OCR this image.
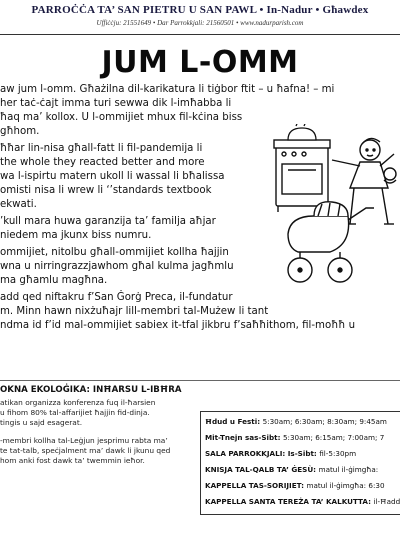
PARROĊĊA TA’ SAN PIETRU U SAN PAWL • In-Nadur • Għawdex
Uffiċċju: 21551649 • Dar Parrokkjali: 21560501 • www.nadurparish.com
JUM L-OMM
aw jum l-omm. Għażilna dil-karikatura li tiġbor ftit – u ħafna! – mi
her taċ-ċajt imma turi sewwa dik l-imħabba li
ħaq ma’ kollox. U l-ommijiet mhux fil-kċina biss
għhom.
ħħar lin-nisa għall-fatt li fil-pandemija li
the whole they reacted better and more
wa l-ispirtu matern ukoll li wassal li bħalissa
omisti nisa li wrew li ‘’standards textbook
ekwati.
’kull mara huwa garanzija ta’ familja aħjar
niedem ma jkunx biss numru.
ommijiet, nitolbu għall-ommijiet kollha ħajjin
wna u nirringrazzjawhom għal kulma jagħmlu
ma għamlu magħna.
add qed niftakru f’San Ġorġ Preca, il-fundatur
m. Minn hawn nixżuħajr lill-membri tal-Mużew li tant
ndma id f’id mal-ommijiet sabiex it-tfal jikbru f’saħħithom, fil-moħħ u
OKNA EKOLOĠIKA: INĦARSU L-IBĦRA
atikan organizza konferenza fuq il-ħarsien
u fihom 80% tal-affarijiet ħajjin fid-dinja.
tingis u sajd esagerat.
-membri kollha tal-Leġjun jesprimu rabta ma’
te tat-talb, speċjalment ma’ dawk li jkunu qed
hom anki fost dawk ta’ twemmin ieħor.
Ħdud u Festi: 5:30am; 6:30am; 8:30am; 9:45am
Mit-Tnejn sas-Sibt: 5:30am; 6:15am; 7:00am; 7
SALA PARROKKJALI: Is-Sibt: fil-5:30pm
KNISJA TAL-QALB TA’ ĠESÙ: matul il-ġimgħa:
KAPPELLA TAS-SORIJIET: matul il-ġimgħa: 6:30
KAPPELLA SANTA TEREŻA TA’ KALKUTTA: il-Ħadd
